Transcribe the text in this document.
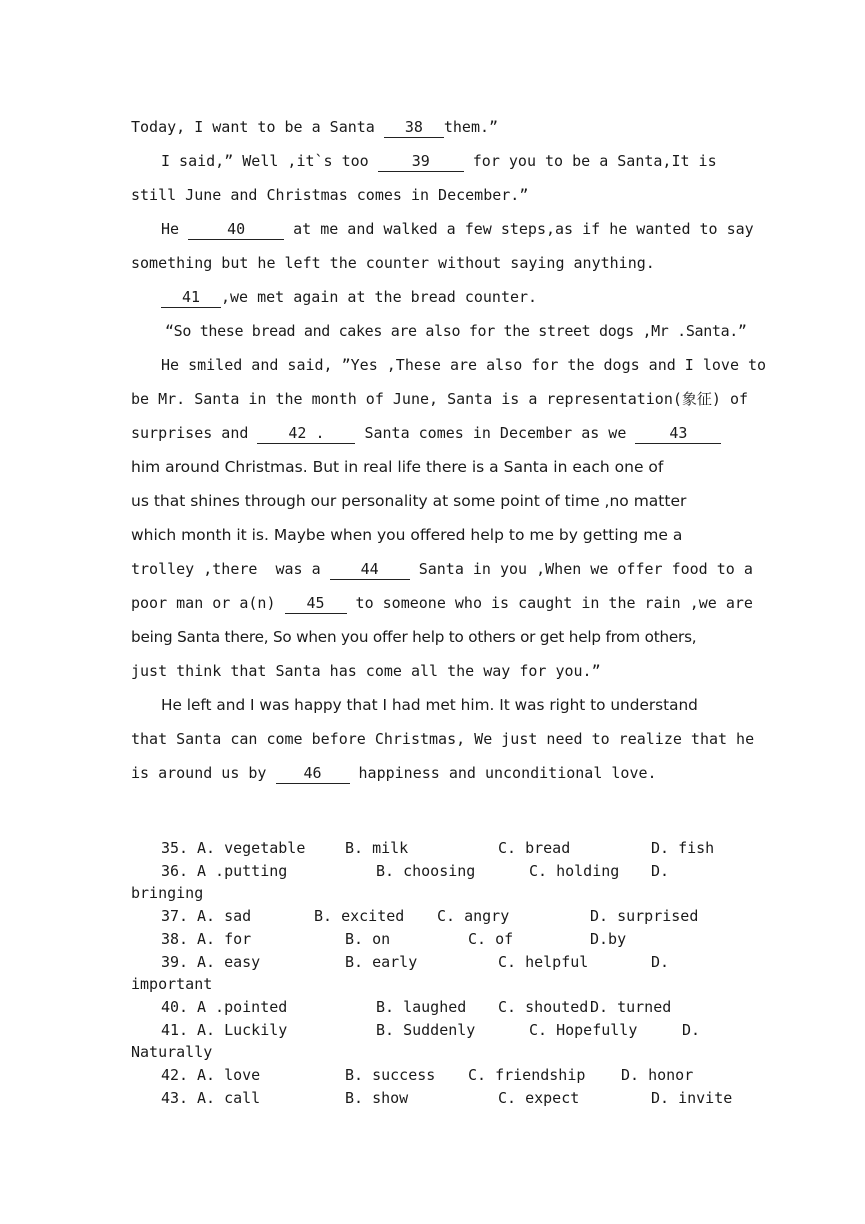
Today, I want to be a Santa 38 them.”
I said,” Well ,it`s too 39 for you to be a Santa,It is
still June and Christmas comes in December.”
He	40	at me and walked a few steps,as if he wanted to say
something but he left the counter without saying anything.
41 ,we met again at the bread counter.
“So these bread and cakes are also for the street dogs ,Mr .Santa.”
He smiled and said, ”Yes ,These are also for the dogs and I love to
be Mr. Santa in the month of June, Santa is a representation(象征) of
surprises and 42 . Santa comes in December as we 43
him around Christmas. But in real life there is a Santa in each one of
us that shines through our personality at some point of time ,no matter
which month it is. Maybe when you offered help to me by getting me a
trolley ,there  was a 44 Santa in you ,When we offer food to a
poor man or a(n) 45 to someone who is caught in the rain ,we are
being Santa there, So when you offer help to others or get help from others,
just think that Santa has come all the way for you.”
He left and I was happy that I had met him. It was right to understand
that Santa can come before Christmas, We just need to realize that he
is around us by 46 happiness and unconditional love.
35. A. vegetable	B. milk	C. bread	D. fish
36. A .putting	B. choosing	C. holding D.
bringing
37. A. sad	B. excited C. angry	D. surprised
38. A. for	B. on	C. of	D.by
39. A. easy	B. early	C. helpful	D.
important
40. A .pointed	B. laughed C. shouted D. turned
41. A. Luckily	B. Suddenly	C. Hopefully	D.
Naturally
42. A. love	B. success C. friendship D. honor
43. A. call	B. show	C. expect	D. invite
